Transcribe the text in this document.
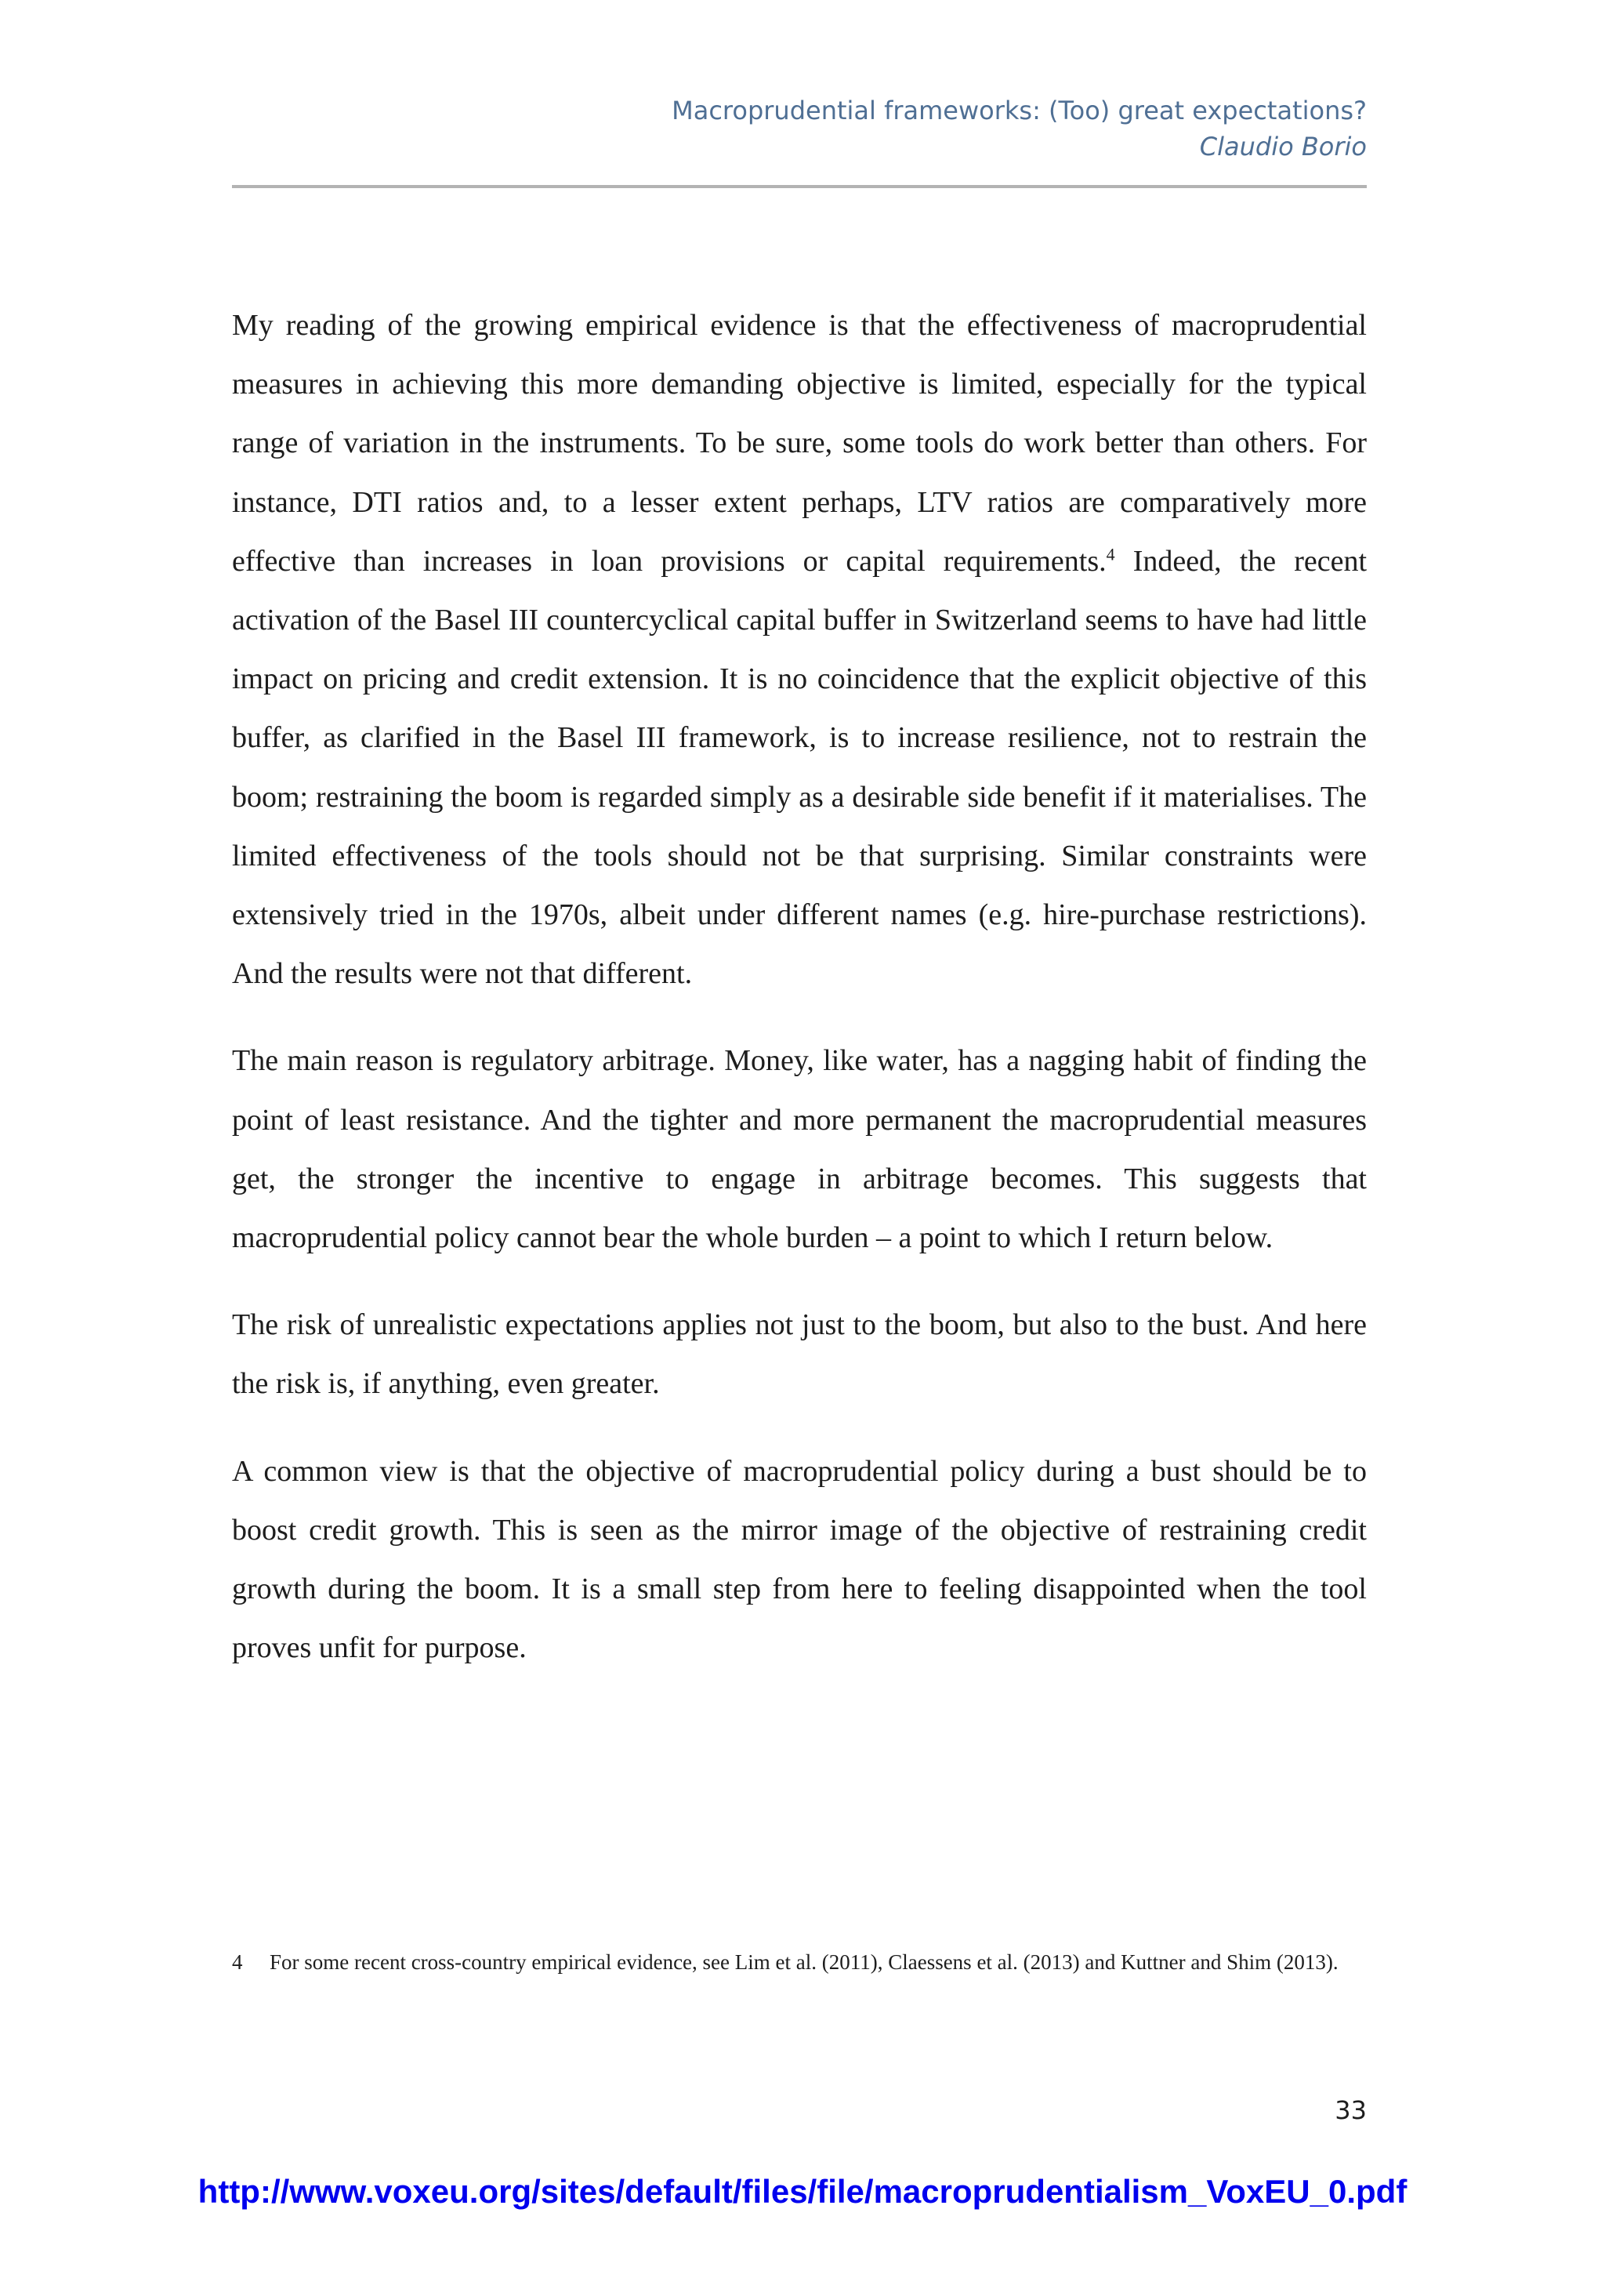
Macroprudential frameworks: (Too) great expectations?
Claudio Borio

My reading of the growing empirical evidence is that the effectiveness of macroprudential measures in achieving this more demanding objective is limited, especially for the typical range of variation in the instruments. To be sure, some tools do work better than others. For instance, DTI ratios and, to a lesser extent perhaps, LTV ratios are comparatively more effective than increases in loan provisions or capital requirements.$^4$ Indeed, the recent activation of the Basel III countercyclical capital buffer in Switzerland seems to have had little impact on pricing and credit extension. It is no coincidence that the explicit objective of this buffer, as clarified in the Basel III framework, is to increase resilience, not to restrain the boom; restraining the boom is regarded simply as a desirable side benefit if it materialises. The limited effectiveness of the tools should not be that surprising. Similar constraints were extensively tried in the 1970s, albeit under different names (e.g. hire-purchase restrictions). And the results were not that different.

The main reason is regulatory arbitrage. Money, like water, has a nagging habit of finding the point of least resistance. And the tighter and more permanent the macroprudential measures get, the stronger the incentive to engage in arbitrage becomes. This suggests that macroprudential policy cannot bear the whole burden – a point to which I return below.

The risk of unrealistic expectations applies not just to the boom, but also to the bust. And here the risk is, if anything, even greater.

A common view is that the objective of macroprudential policy during a bust should be to boost credit growth. This is seen as the mirror image of the objective of restraining credit growth during the boom. It is a small step from here to feeling disappointed when the tool proves unfit for purpose.

4 For some recent cross-country empirical evidence, see Lim et al. (2011), Claessens et al. (2013) and Kuttner and Shim (2013).
33
http://www.voxeu.org/sites/default/files/file/macroprudentialism_VoxEU_0.pdf
